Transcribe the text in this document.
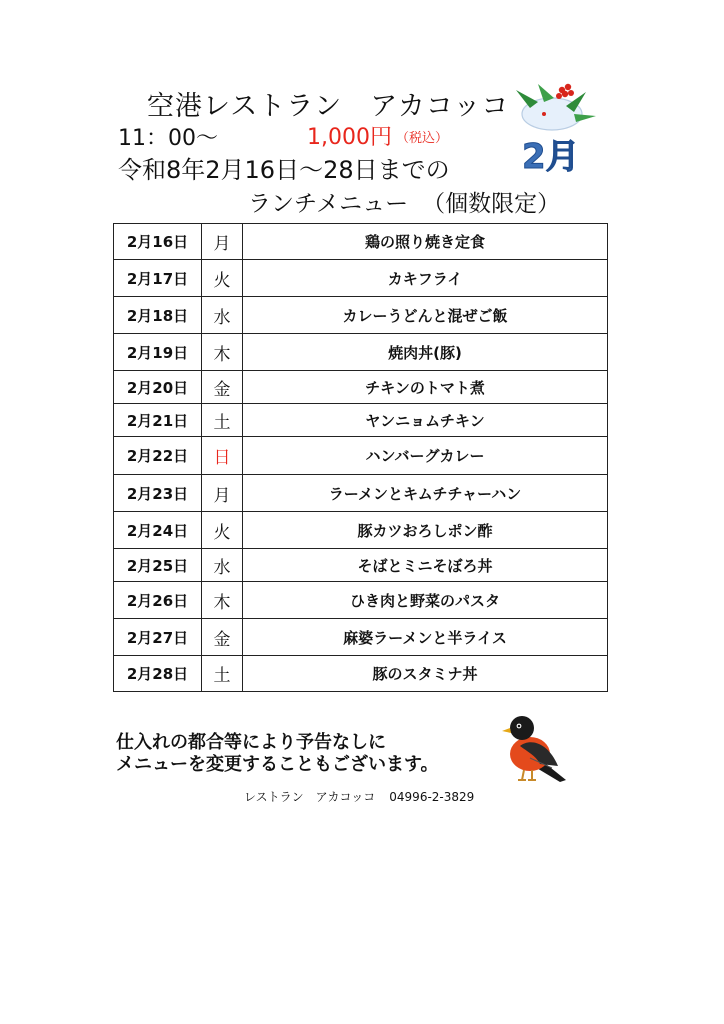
空港レストラン　アカコッコ
11：00～	1,000円 （税込）
令和8年2月16日～28日までの
ランチメニュー （個数限定）
2月
2月16日	月	鶏の照り焼き定食
2月17日	火	カキフライ
2月18日	水	カレーうどんと混ぜご飯
2月19日	木	焼肉丼(豚)
2月20日	金	チキンのトマト煮
2月21日	土	ヤンニョムチキン
2月22日	日	ハンバーグカレー
2月23日	月	ラーメンとキムチチャーハン
2月24日	火	豚カツおろしポン酢
2月25日	水	そばとミニそぼろ丼
2月26日	木	ひき肉と野菜のパスタ
2月27日	金	麻婆ラーメンと半ライス
2月28日	土	豚のスタミナ丼
仕入れの都合等により予告なしに
メニューを変更することもございます。
レストラン　アカコッコ 04996-2-3829
